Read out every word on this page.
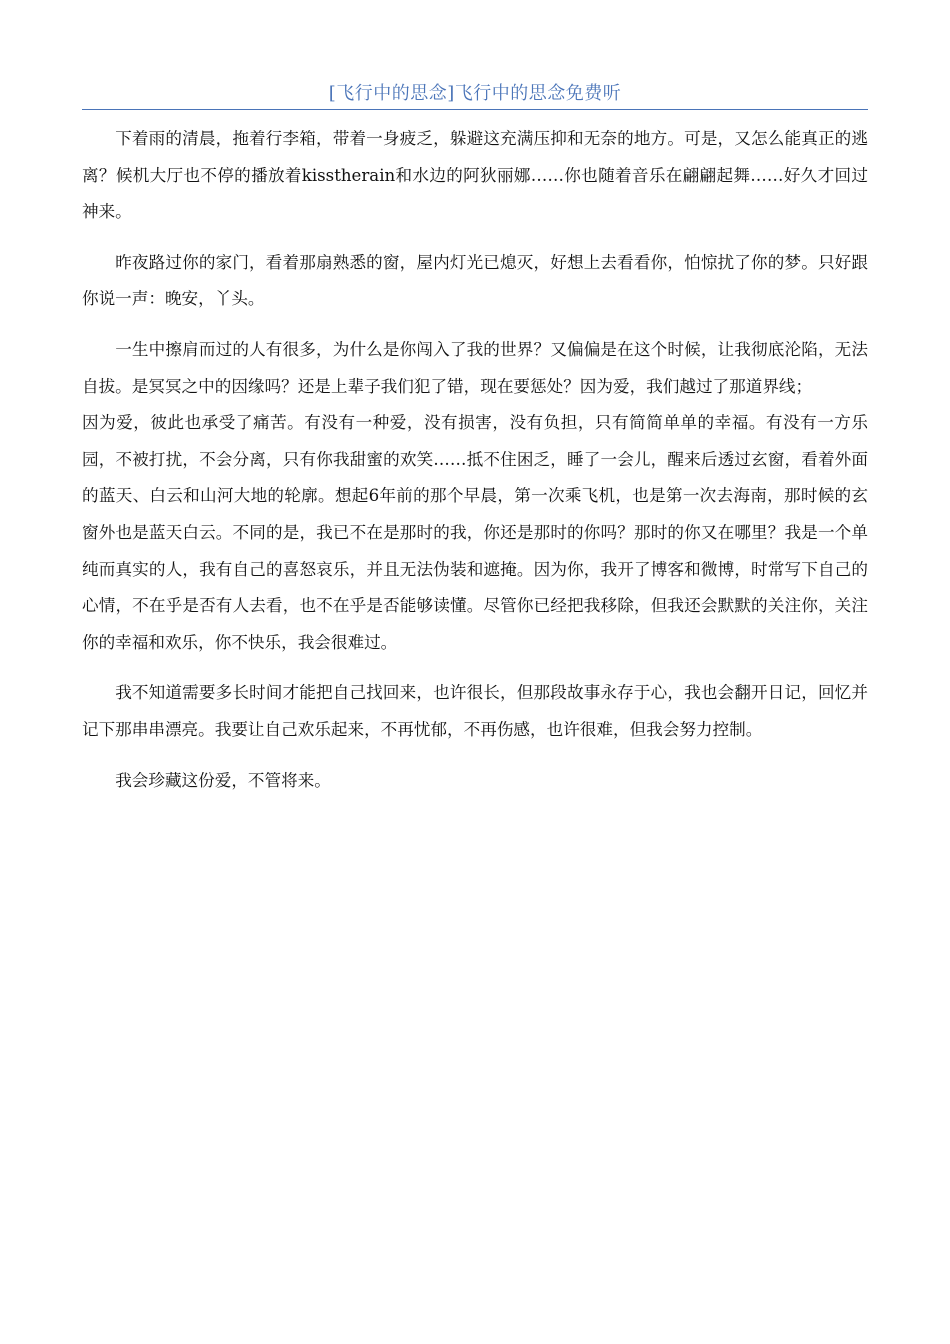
[飞行中的思念]飞行中的思念免费听

下着雨的清晨，拖着行李箱，带着一身疲乏，躲避这充满压抑和无奈的地方。可是，又怎么能真正的逃离？候机大厅也不停的播放着kisstherain和水边的阿狄丽娜……你也随着音乐在翩翩起舞……好久才回过神来。

昨夜路过你的家门，看着那扇熟悉的窗，屋内灯光已熄灭，好想上去看看你，怕惊扰了你的梦。只好跟你说一声：晚安，丫头。

一生中擦肩而过的人有很多，为什么是你闯入了我的世界？又偏偏是在这个时候，让我彻底沦陷，无法自拔。是冥冥之中的因缘吗？还是上辈子我们犯了错，现在要惩处？因为爱，我们越过了那道界线；

因为爱，彼此也承受了痛苦。有没有一种爱，没有损害，没有负担，只有简简单单的幸福。有没有一方乐园，不被打扰，不会分离，只有你我甜蜜的欢笑……抵不住困乏，睡了一会儿，醒来后透过玄窗，看着外面的蓝天、白云和山河大地的轮廓。想起6年前的那个早晨，第一次乘飞机，也是第一次去海南，那时候的玄窗外也是蓝天白云。不同的是，我已不在是那时的我，你还是那时的你吗？那时的你又在哪里？我是一个单纯而真实的人，我有自己的喜怒哀乐，并且无法伪装和遮掩。因为你，我开了博客和微博，时常写下自己的心情，不在乎是否有人去看，也不在乎是否能够读懂。尽管你已经把我移除，但我还会默默的关注你，关注你的幸福和欢乐，你不快乐，我会很难过。

我不知道需要多长时间才能把自己找回来，也许很长，但那段故事永存于心，我也会翻开日记，回忆并记下那串串漂亮。我要让自己欢乐起来，不再忧郁，不再伤感，也许很难，但我会努力控制。

我会珍藏这份爱，不管将来。
